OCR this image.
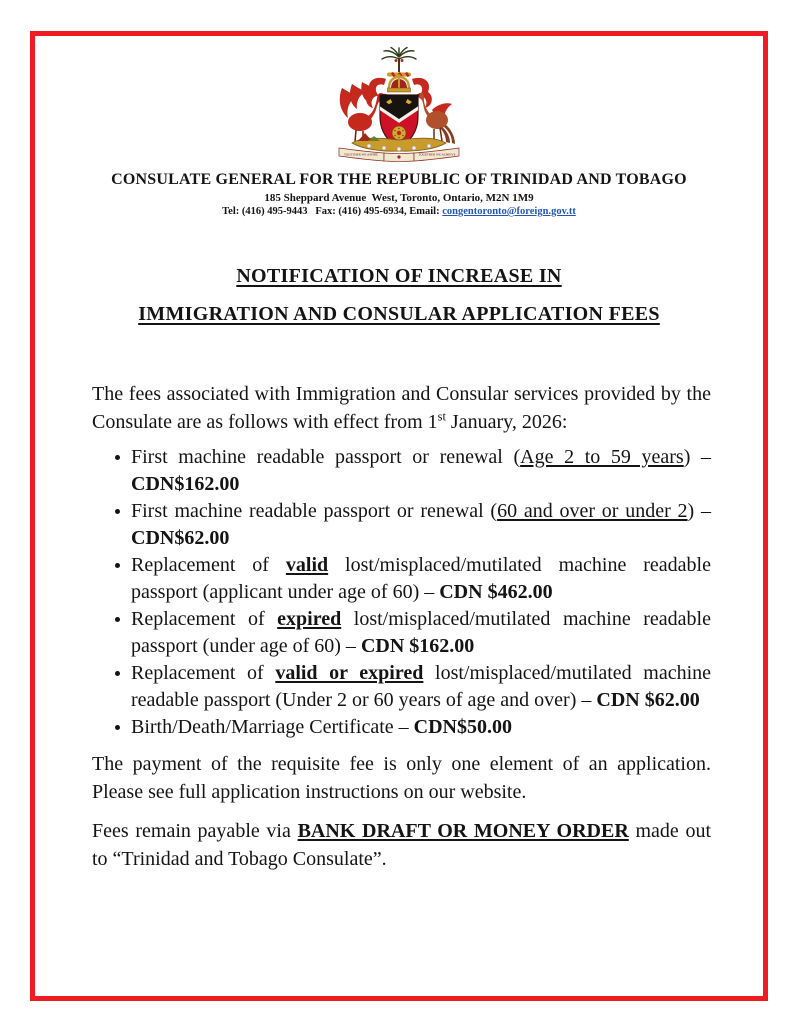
TOGETHER WE ASPIRE	TOGETHER WE ACHIEVE
CONSULATE GENERAL FOR THE REPUBLIC OF TRINIDAD AND TOBAGO
185 Sheppard Avenue  West, Toronto, Ontario, M2N 1M9
Tel: (416) 495-9443   Fax: (416) 495-6934, Email: congentoronto@foreign.gov.tt
NOTIFICATION OF INCREASE IN
IMMIGRATION AND CONSULAR APPLICATION FEES

The fees associated with Immigration and Consular services provided by the Consulate are as follows with effect from 1st January, 2026:

First machine readable passport or renewal (Age 2 to 59 years) – CDN$162.00
First machine readable passport or renewal (60 and over or under 2) – CDN$62.00
Replacement of valid lost/misplaced/mutilated machine readable passport (applicant under age of 60) – CDN $462.00
Replacement of expired lost/misplaced/mutilated machine readable passport (under age of 60) – CDN $162.00
Replacement of valid or expired lost/misplaced/mutilated machine readable passport (Under 2 or 60 years of age and over) – CDN $62.00
Birth/Death/Marriage Certificate – CDN$50.00

The payment of the requisite fee is only one element of an application. Please see full application instructions on our website.

Fees remain payable via BANK DRAFT OR MONEY ORDER made out to “Trinidad and Tobago Consulate”.
